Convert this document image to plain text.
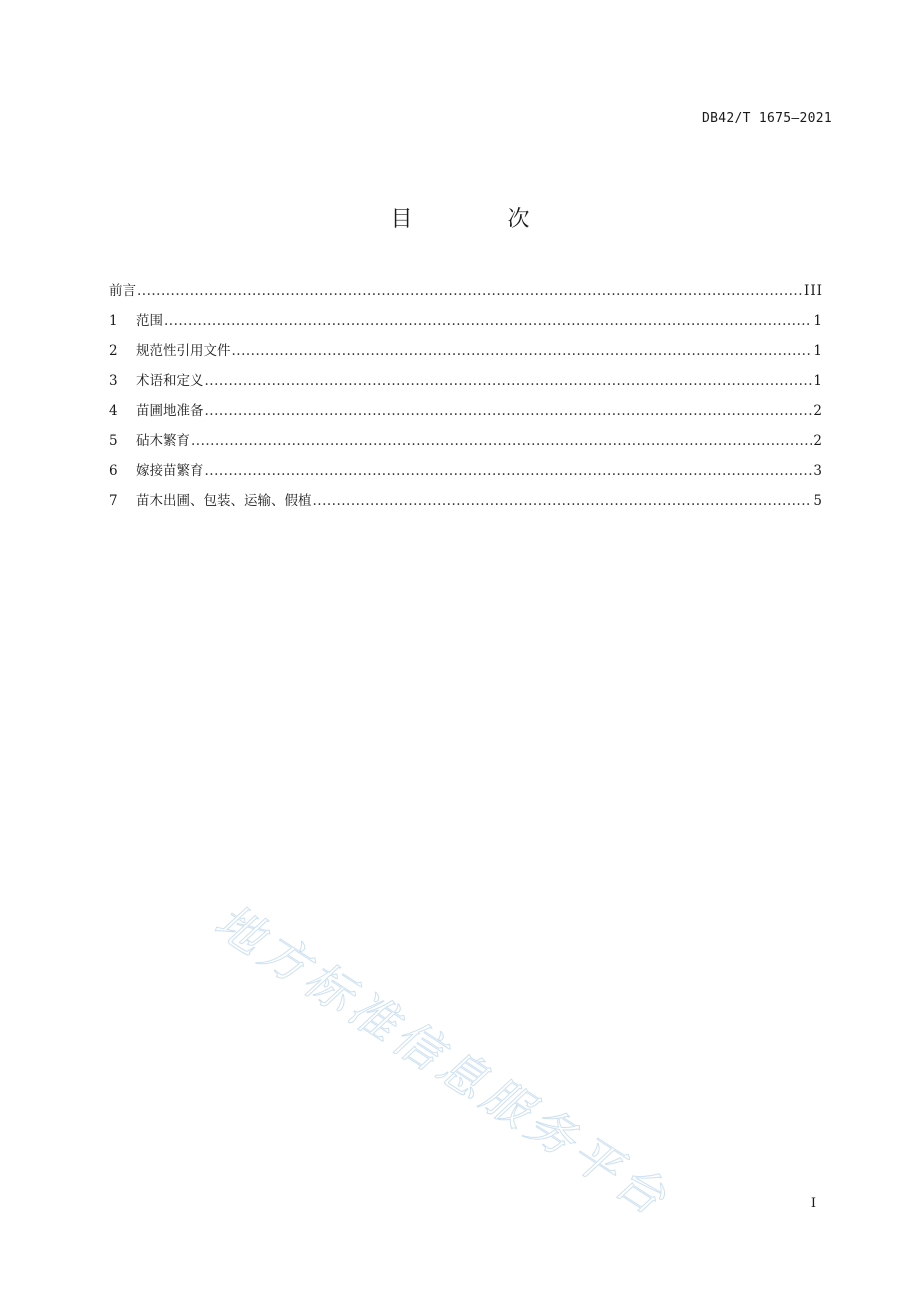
DB42/T 1675—2021
目 次
前言 .....	III
1	范围 .....	1
2	规范性引用文件 .....	1
3	术语和定义 .....	1
4	苗圃地准备 .....	2
5	砧木繁育 .....	2
6	嫁接苗繁育 .....	3
7	苗木出圃、包装、运输、假植 .....	5
地方标准信息服务平台	I
